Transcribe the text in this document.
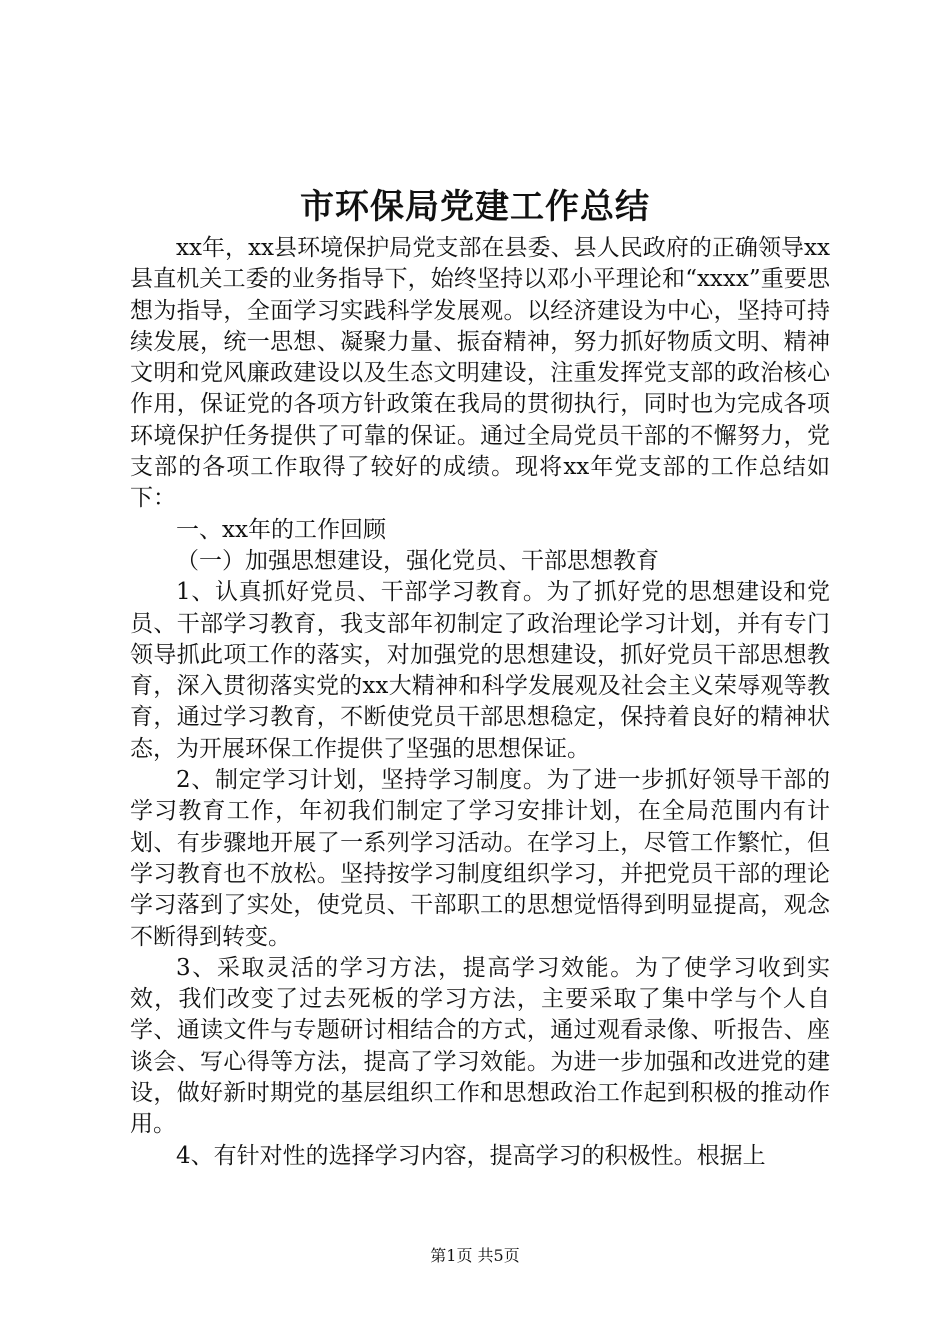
市环保局党建工作总结

xx年，xx县环境保护局党支部在县委、县人民政府的正确领导xx县直机关工委的业务指导下，始终坚持以邓小平理论和“xxxx”重要思想为指导，全面学习实践科学发展观。以经济建设为中心，坚持可持续发展，统一思想、凝聚力量、振奋精神，努力抓好物质文明、精神文明和党风廉政建设以及生态文明建设，注重发挥党支部的政治核心作用，保证党的各项方针政策在我局的贯彻执行，同时也为完成各项环境保护任务提供了可靠的保证。通过全局党员干部的不懈努力，党支部的各项工作取得了较好的成绩。现将xx年党支部的工作总结如下：

一、xx年的工作回顾

（一）加强思想建设，强化党员、干部思想教育

1、认真抓好党员、干部学习教育。为了抓好党的思想建设和党员、干部学习教育，我支部年初制定了政治理论学习计划，并有专门领导抓此项工作的落实，对加强党的思想建设，抓好党员干部思想教育，深入贯彻落实党的xx大精神和科学发展观及社会主义荣辱观等教育，通过学习教育，不断使党员干部思想稳定，保持着良好的精神状态，为开展环保工作提供了坚强的思想保证。

2、制定学习计划，坚持学习制度。为了进一步抓好领导干部的学习教育工作，年初我们制定了学习安排计划，在全局范围内有计划、有步骤地开展了一系列学习活动。在学习上，尽管工作繁忙，但学习教育也不放松。坚持按学习制度组织学习，并把党员干部的理论学习落到了实处，使党员、干部职工的思想觉悟得到明显提高，观念不断得到转变。

3、采取灵活的学习方法，提高学习效能。为了使学习收到实效，我们改变了过去死板的学习方法，主要采取了集中学与个人自学、通读文件与专题研讨相结合的方式，通过观看录像、听报告、座谈会、写心得等方法，提高了学习效能。为进一步加强和改进党的建设，做好新时期党的基层组织工作和思想政治工作起到积极的推动作用。

4、有针对性的选择学习内容，提高学习的积极性。根据上

第1页 共5页
